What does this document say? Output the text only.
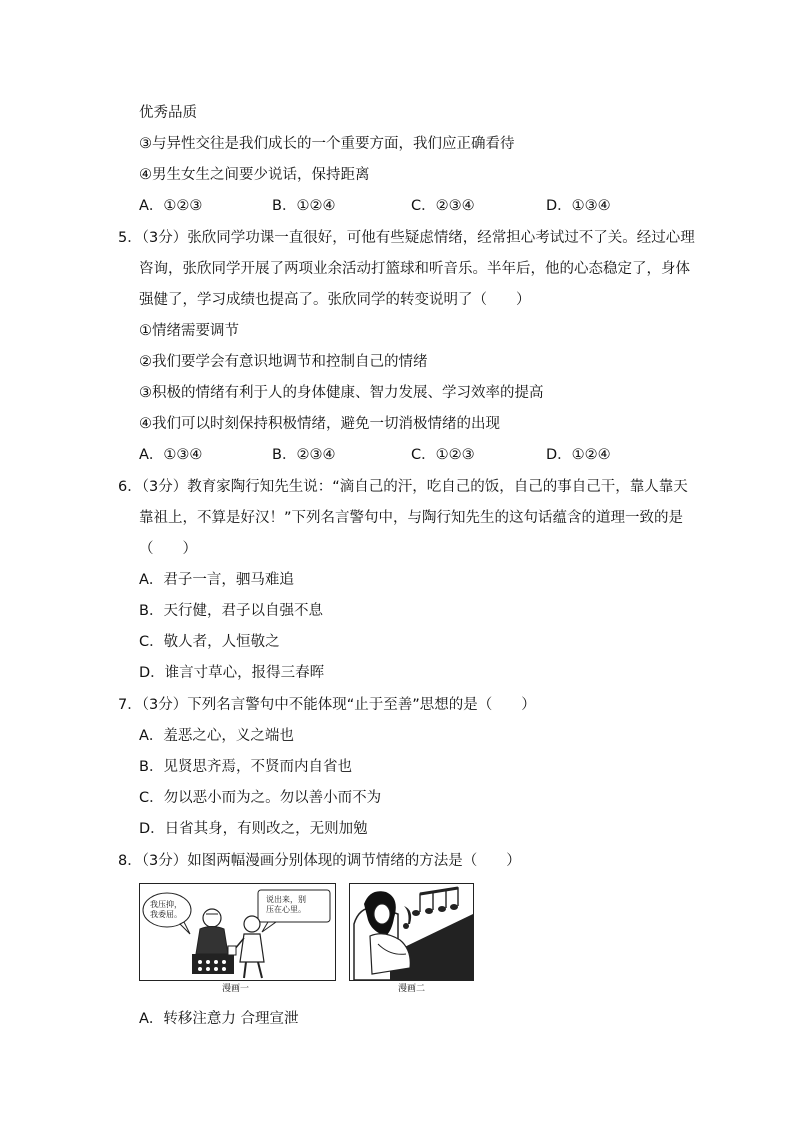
优秀品质
③与异性交往是我们成长的一个重要方面，我们应正确看待
④男生女生之间要少说话，保持距离
A．①②③	B．①②④	C．②③④	D．①③④
5．（3分）张欣同学功课一直很好，可他有些疑虑情绪，经常担心考试过不了关。经过心理
咨询，张欣同学开展了两项业余活动打篮球和听音乐。半年后，他的心态稳定了，身体
强健了，学习成绩也提高了。张欣同学的转变说明了（　　）
①情绪需要调节
②我们要学会有意识地调节和控制自己的情绪
③积极的情绪有利于人的身体健康、智力发展、学习效率的提高
④我们可以时刻保持积极情绪，避免一切消极情绪的出现
A．①③④	B．②③④	C．①②③	D．①②④
6．（3分）教育家陶行知先生说：“滴自己的汗，吃自己的饭，自己的事自己干，靠人靠天
靠祖上，不算是好汉！”下列名言警句中，与陶行知先生的这句话蕴含的道理一致的是
（　　）
A．君子一言，驷马难追
B．天行健，君子以自强不息
C．敬人者，人恒敬之
D．谁言寸草心，报得三春晖
7．（3分）下列名言警句中不能体现“止于至善”思想的是（　　）
A．羞恶之心，义之端也
B．见贤思齐焉，不贤而内自省也
C．勿以恶小而为之。勿以善小而不为
D．日省其身，有则改之，无则加勉
8．（3分）如图两幅漫画分别体现的调节情绪的方法是（　　）
我压抑，
我委屈。
说出来，别
压在心里。
漫画一	漫画二
A．转移注意力 合理宣泄
